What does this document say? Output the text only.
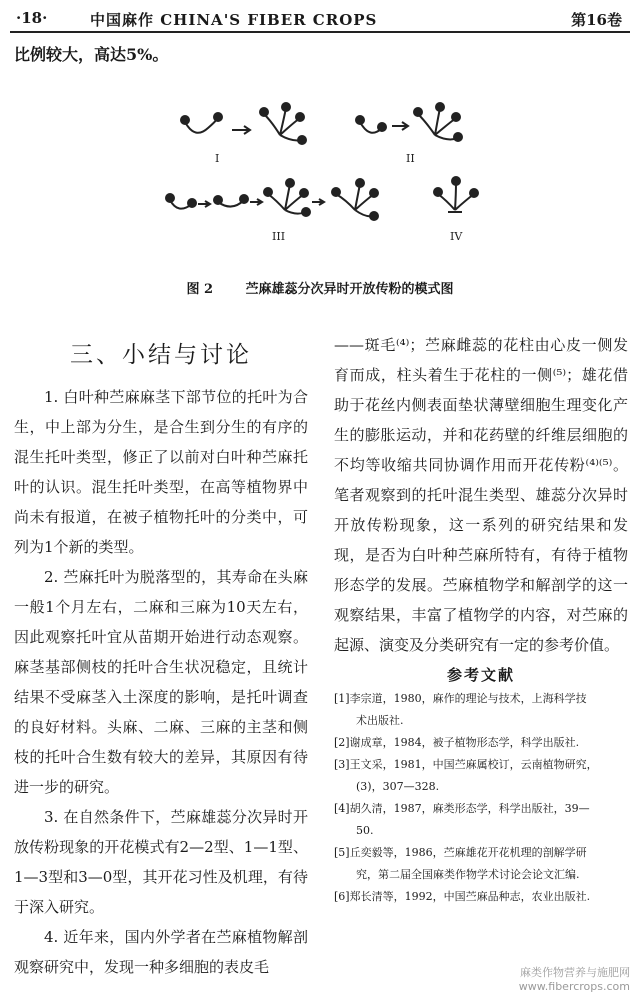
·18·	中国麻作 CHINA'S FIBER CROPS	第16卷
比例较大，高达5%。
I	II
III	IV
图 2	苎麻雄蕊分次异时开放传粉的模式图
三、小结与讨论

1. 白叶种苎麻麻茎下部节位的托叶为合生，中上部为分生，是合生到分生的有序的混生托叶类型，修正了以前对白叶种苎麻托叶的认识。混生托叶类型，在高等植物界中尚未有报道，在被子植物托叶的分类中，可列为1个新的类型。

2. 苎麻托叶为脱落型的，其寿命在头麻一般1个月左右，二麻和三麻为10天左右，因此观察托叶宜从苗期开始进行动态观察。麻茎基部侧枝的托叶合生状况稳定，且统计结果不受麻茎入土深度的影响，是托叶调查的良好材料。头麻、二麻、三麻的主茎和侧枝的托叶合生数有较大的差异，其原因有待进一步的研究。

3. 在自然条件下，苎麻雄蕊分次异时开放传粉现象的开花模式有2—2型、1—1型、1—3型和3—0型，其开花习性及机理，有待于深入研究。

4. 近年来，国内外学者在苎麻植物解剖观察研究中，发现一种多细胞的表皮毛

——斑毛⁽⁴⁾；苎麻雌蕊的花柱由心皮一侧发育而成，柱头着生于花柱的一侧⁽⁵⁾；雄花借助于花丝内侧表面垫状薄壁细胞生理变化产生的膨胀运动，并和花药壁的纤维层细胞的不均等收缩共同协调作用而开花传粉⁽⁴⁾⁽⁵⁾。笔者观察到的托叶混生类型、雄蕊分次异时开放传粉现象，这一系列的研究结果和发现，是否为白叶种苎麻所特有，有待于植物形态学的发展。苎麻植物学和解剖学的这一观察结果，丰富了植物学的内容，对苎麻的起源、演变及分类研究有一定的参考价值。

参考文献
[1]李宗道，1980，麻作的理论与技术，上海科学技
术出版社.
[2]谢成章，1984，被子植物形态学，科学出版社.
[3]王文采，1981，中国苎麻属校订，云南植物研究，
(3)，307—328.
[4]胡久清，1987，麻类形态学，科学出版社，39—
50.
[5]丘奕毅等，1986，苎麻雄花开花机理的剖解学研
究，第二届全国麻类作物学术讨论会论文汇编.
[6]郑长清等，1992，中国苎麻品种志，农业出版社.
麻类作物营养与施肥网
www.fibercrops.com
